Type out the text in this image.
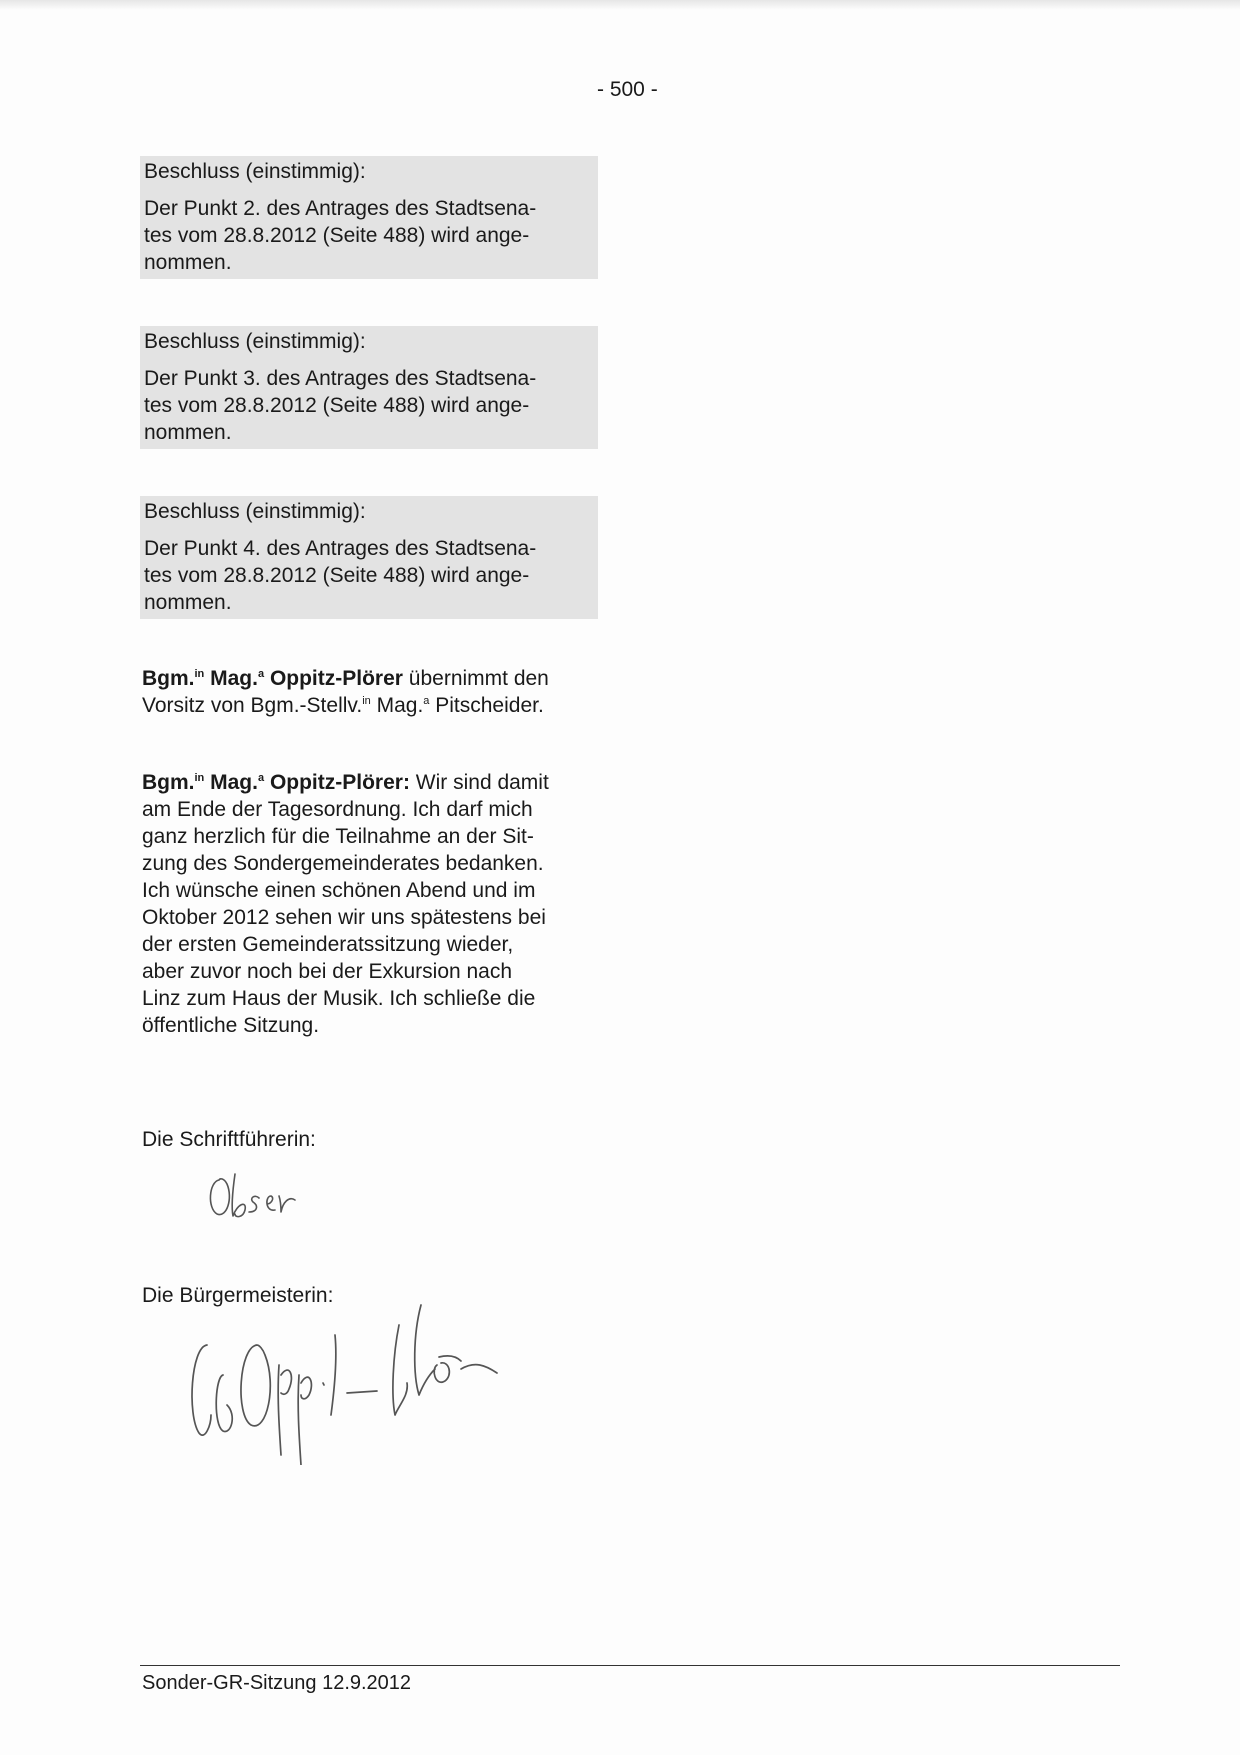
- 500 -
Beschluss (einstimmig):
Der Punkt 2. des Antrages des Stadtsena-
tes vom 28.8.2012 (Seite 488) wird ange-
nommen.
Beschluss (einstimmig):
Der Punkt 3. des Antrages des Stadtsena-
tes vom 28.8.2012 (Seite 488) wird ange-
nommen.
Beschluss (einstimmig):
Der Punkt 4. des Antrages des Stadtsena-
tes vom 28.8.2012 (Seite 488) wird ange-
nommen.
Bgm.$^{in}$ Mag.$^a$ Oppitz-Plörer übernimmt den
Vorsitz von Bgm.-Stellv.$^{in}$ Mag.$^a$ Pitscheider.
Bgm.$^{in}$ Mag.$^a$ Oppitz-Plörer: Wir sind damit
am Ende der Tagesordnung. Ich darf mich
ganz herzlich für die Teilnahme an der Sit-
zung des Sondergemeinderates bedanken.
Ich wünsche einen schönen Abend und im
Oktober 2012 sehen wir uns spätestens bei
der ersten Gemeinderatssitzung wieder,
aber zuvor noch bei der Exkursion nach
Linz zum Haus der Musik. Ich schließe die
öffentliche Sitzung.
Die Schriftführerin:
Die Bürgermeisterin:
Sonder-GR-Sitzung 12.9.2012
